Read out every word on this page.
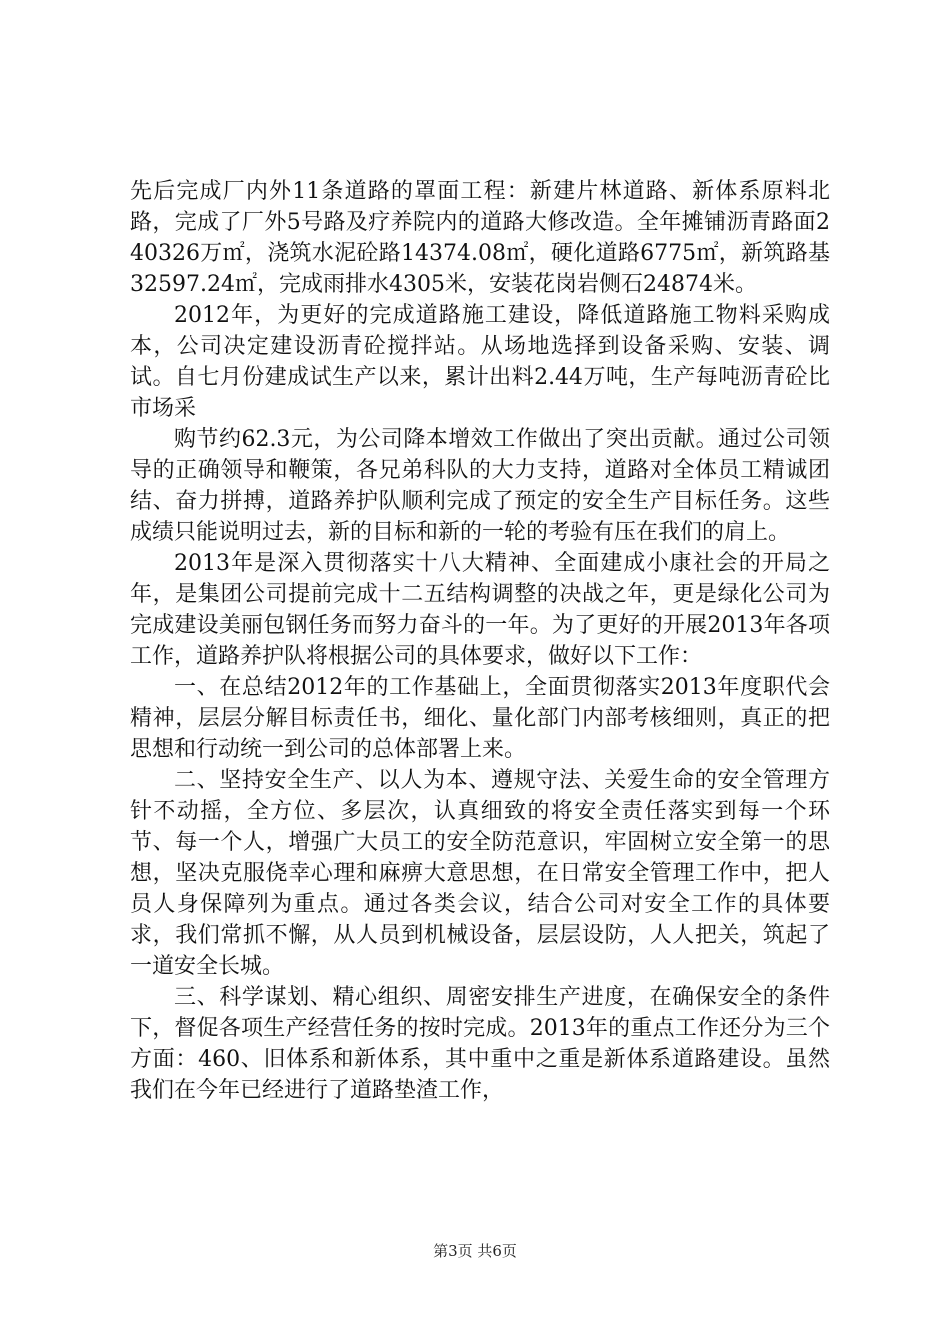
先后完成厂内外11条道路的罩面工程：新建片林道路、新体系原料北路，完成了厂外5号路及疗养院内的道路大修改造。全年摊铺沥青路面240326万㎡，浇筑水泥砼路14374.08㎡，硬化道路6775㎡，新筑路基32597.24㎡，完成雨排水4305米，安装花岗岩侧石24874米。

2012年，为更好的完成道路施工建设，降低道路施工物料采购成本，公司决定建设沥青砼搅拌站。从场地选择到设备采购、安装、调试。自七月份建成试生产以来，累计出料2.44万吨，生产每吨沥青砼比市场采

购节约62.3元，为公司降本增效工作做出了突出贡献。通过公司领导的正确领导和鞭策，各兄弟科队的大力支持，道路对全体员工精诚团结、奋力拼搏，道路养护队顺利完成了预定的安全生产目标任务。这些成绩只能说明过去，新的目标和新的一轮的考验有压在我们的肩上。

2013年是深入贯彻落实十八大精神、全面建成小康社会的开局之年，是集团公司提前完成十二五结构调整的决战之年，更是绿化公司为完成建设美丽包钢任务而努力奋斗的一年。为了更好的开展2013年各项工作，道路养护队将根据公司的具体要求，做好以下工作：

一、在总结2012年的工作基础上，全面贯彻落实2013年度职代会精神，层层分解目标责任书，细化、量化部门内部考核细则，真正的把思想和行动统一到公司的总体部署上来。

二、坚持安全生产、以人为本、遵规守法、关爱生命的安全管理方针不动摇，全方位、多层次，认真细致的将安全责任落实到每一个环节、每一个人，增强广大员工的安全防范意识，牢固树立安全第一的思想，坚决克服侥幸心理和麻痹大意思想，在日常安全管理工作中，把人员人身保障列为重点。通过各类会议，结合公司对安全工作的具体要求，我们常抓不懈，从人员到机械设备，层层设防，人人把关，筑起了一道安全长城。

三、科学谋划、精心组织、周密安排生产进度，在确保安全的条件下，督促各项生产经营任务的按时完成。2013年的重点工作还分为三个方面：460、旧体系和新体系，其中重中之重是新体系道路建设。虽然我们在今年已经进行了道路垫渣工作，

第3页 共6页
